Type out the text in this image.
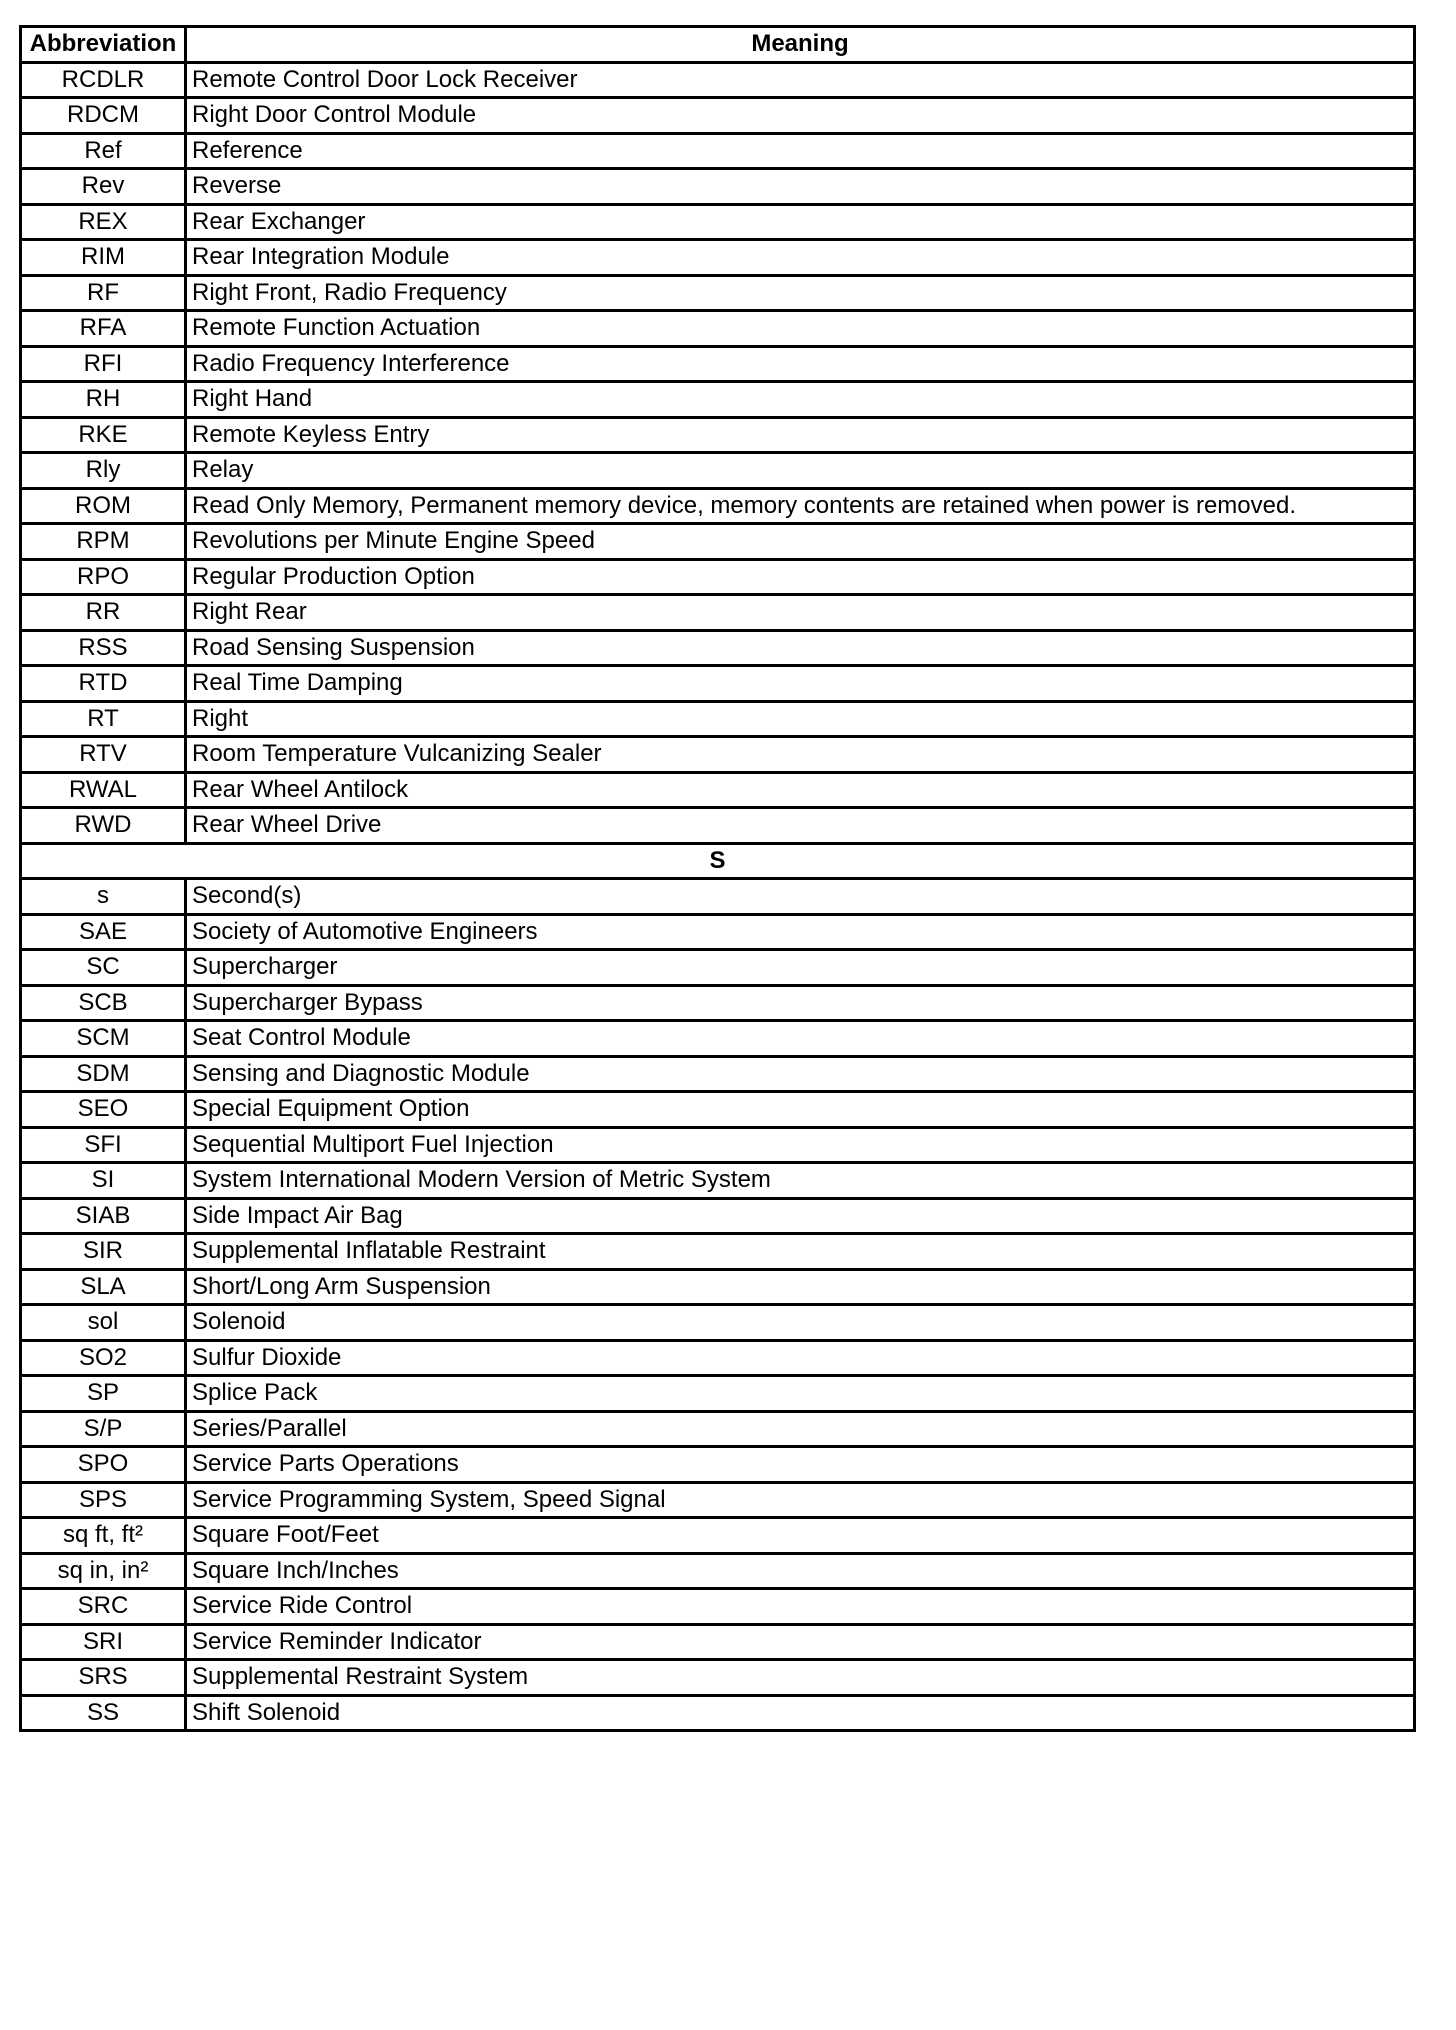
Abbreviation	Meaning
RCDLR	Remote Control Door Lock Receiver
RDCM	Right Door Control Module
Ref	Reference
Rev	Reverse
REX	Rear Exchanger
RIM	Rear Integration Module
RF	Right Front, Radio Frequency
RFA	Remote Function Actuation
RFI	Radio Frequency Interference
RH	Right Hand
RKE	Remote Keyless Entry
Rly	Relay
ROM	Read Only Memory, Permanent memory device, memory contents are retained when power is removed.
RPM	Revolutions per Minute Engine Speed
RPO	Regular Production Option
RR	Right Rear
RSS	Road Sensing Suspension
RTD	Real Time Damping
RT	Right
RTV	Room Temperature Vulcanizing Sealer
RWAL	Rear Wheel Antilock
RWD	Rear Wheel Drive
S	
s	Second(s)
SAE	Society of Automotive Engineers
SC	Supercharger
SCB	Supercharger Bypass
SCM	Seat Control Module
SDM	Sensing and Diagnostic Module
SEO	Special Equipment Option
SFI	Sequential Multiport Fuel Injection
SI	System International Modern Version of Metric System
SIAB	Side Impact Air Bag
SIR	Supplemental Inflatable Restraint
SLA	Short/Long Arm Suspension
sol	Solenoid
SO2	Sulfur Dioxide
SP	Splice Pack
S/P	Series/Parallel
SPO	Service Parts Operations
SPS	Service Programming System, Speed Signal
sq ft, ft²	Square Foot/Feet
sq in, in²	Square Inch/Inches
SRC	Service Ride Control
SRI	Service Reminder Indicator
SRS	Supplemental Restraint System
SS	Shift Solenoid
